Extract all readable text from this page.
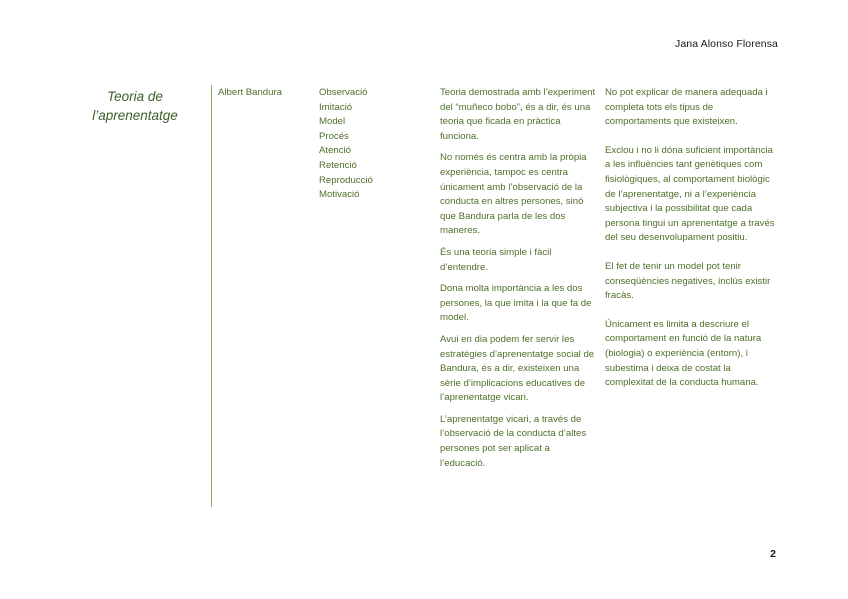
Jana Alonso Florensa
Teoria de l’aprenentatge
Albert Bandura	Observació
Imitació
Model
Procés
Atenció
Retenció
Reproducció
Motivació

Teoria demostrada amb l’experiment del “muñeco bobo”, és a dir, és una teoria que ficada en pràctica funciona.

No només és centra amb la pròpia experiència, tampoc es centra únicament amb l’observació de la conducta en altres persones, sinó que Bandura parla de les dos maneres.

És una teoria simple i fàcil d’entendre.

Dona molta importància a les dos persones, la que imita i la que fa de model.

Avui en dia podem fer servir les estratègies d’aprenentatge social de Bandura, és a dir, existeixen una sèrie d’implicacions educatives de l’aprenentatge vicari.

L’aprenentatge vicari, a través de l’observació de la conducta d’altes persones pot ser aplicat a l’educació.

No pot explicar de manera adequada i completa tots els tipus de comportaments que existeixen.

Exclou i no li dóna suficient importància a les influències tant genètiques com fisiològiques, al comportament biològic de l’aprenentatge, ni a l’experiència subjectiva i la possibilitat que cada persona tingui un aprenentatge a través del seu desenvolupament positiu.

El fet de tenir un model pot tenir conseqüències negatives, inclús existir fracàs.

Únicament es limita a descriure el comportament en funció de la natura (biologia) o experiència (entorn), i subestima i deixa de costat la complexitat de la conducta humana.

2
